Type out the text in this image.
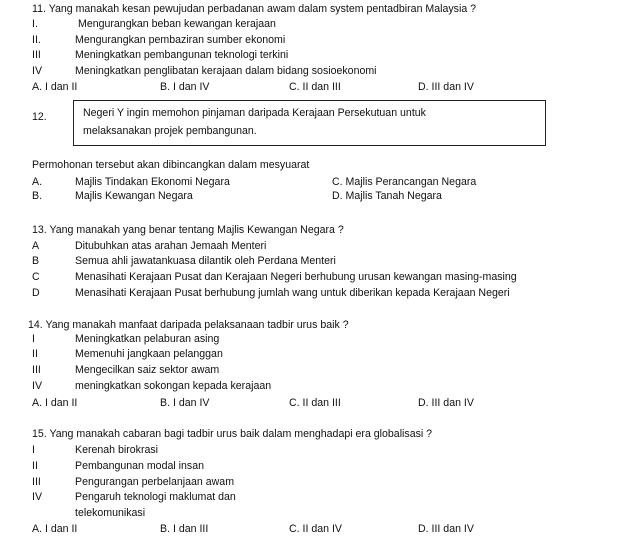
11. Yang manakah kesan pewujudan perbadanan awam dalam system pentadbiran Malaysia ?
I.	Mengurangkan beban kewangan kerajaan
II.	Mengurangkan pembaziran sumber ekonomi
III	Meningkatkan pembangunan teknologi terkini
IV	Meningkatkan penglibatan kerajaan dalam bidang sosioekonomi
A. I dan II	B. I dan IV	C. II dan III	D. III dan IV
12.	Negeri Y ingin memohon pinjaman daripada Kerajaan Persekutuan untuk
melaksanakan projek pembangunan.
Permohonan tersebut akan dibincangkan dalam mesyuarat
A.	Majlis Tindakan Ekonomi Negara
B.	Majlis Kewangan Negara
C. Majlis Perancangan Negara
D. Majlis Tanah Negara
13. Yang manakah yang benar tentang Majlis Kewangan Negara ?
A	Ditubuhkan atas arahan Jemaah Menteri
B	Semua ahli jawatankuasa dilantik oleh Perdana Menteri
C	Menasihati Kerajaan Pusat dan Kerajaan Negeri berhubung urusan kewangan masing-masing
D	Menasihati Kerajaan Pusat berhubung jumlah wang untuk diberikan kepada Kerajaan Negeri
14. Yang manakah manfaat daripada pelaksanaan tadbir urus baik ?
I	Meningkatkan pelaburan asing
II	Memenuhi jangkaan pelanggan
III	Mengecilkan saiz sektor awam
IV	meningkatkan sokongan kepada kerajaan
A. I dan II	B. I dan IV	C. II dan III	D. III dan IV
15. Yang manakah cabaran bagi tadbir urus baik dalam menghadapi era globalisasi ?
I	Kerenah birokrasi
II	Pembangunan modal insan
III	Pengurangan perbelanjaan awam
IV	Pengaruh teknologi maklumat dan
telekomunikasi
A. I dan II	B. I dan III	C. II dan IV	D. III dan IV
